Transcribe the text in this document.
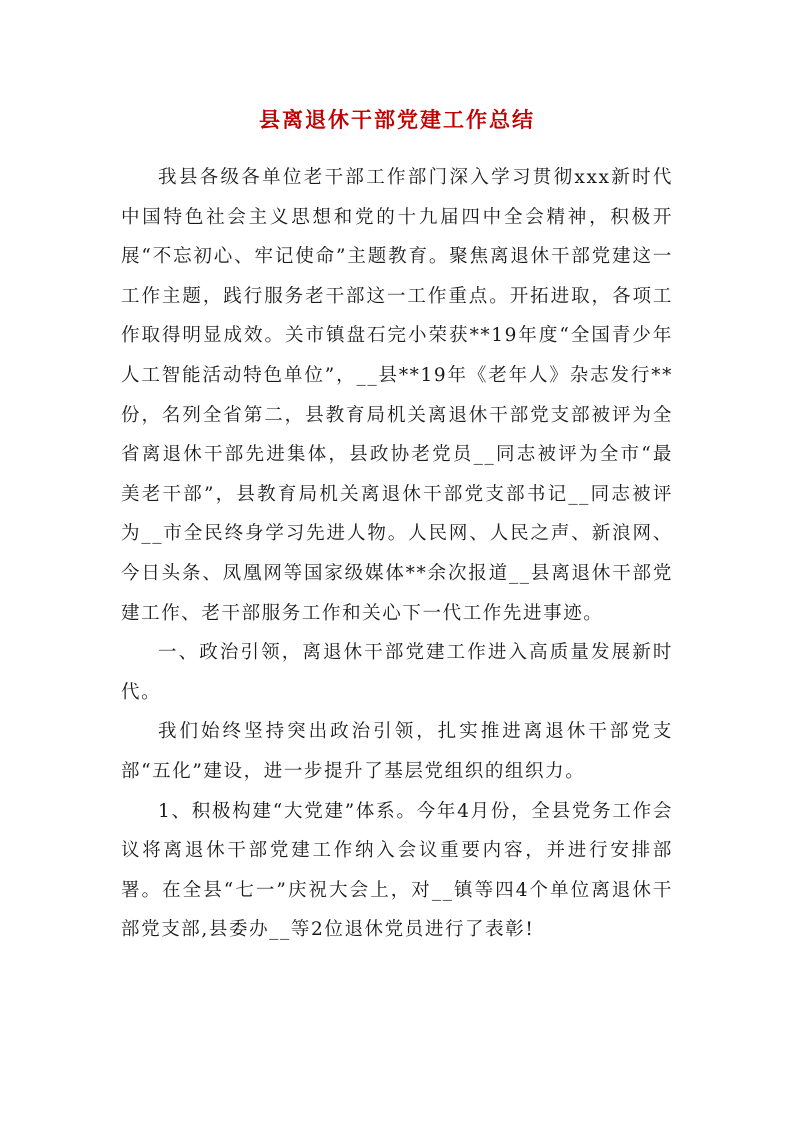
县离退休干部党建工作总结

我县各级各单位老干部工作部门深入学习贯彻xxx新时代中国特色社会主义思想和党的十九届四中全会精神，积极开展“不忘初心、牢记使命”主题教育。聚焦离退休干部党建这一工作主题，践行服务老干部这一工作重点。开拓进取，各项工作取得明显成效。关市镇盘石完小荣获**19年度“全国青少年人工智能活动特色单位”，__县**19年《老年人》杂志发行**份，名列全省第二，县教育局机关离退休干部党支部被评为全省离退休干部先进集体，县政协老党员__同志被评为全市“最美老干部”，县教育局机关离退休干部党支部书记__同志被评为__市全民终身学习先进人物。人民网、人民之声、新浪网、今日头条、凤凰网等国家级媒体**余次报道__县离退休干部党建工作、老干部服务工作和关心下一代工作先进事迹。

一、政治引领，离退休干部党建工作进入高质量发展新时代。

我们始终坚持突出政治引领，扎实推进离退休干部党支部“五化”建设，进一步提升了基层党组织的组织力。

1、积极构建“大党建”体系。今年4月份，全县党务工作会议将离退休干部党建工作纳入会议重要内容，并进行安排部署。在全县“七一”庆祝大会上，对__镇等四4个单位离退休干部党支部,县委办__等2位退休党员进行了表彰!
